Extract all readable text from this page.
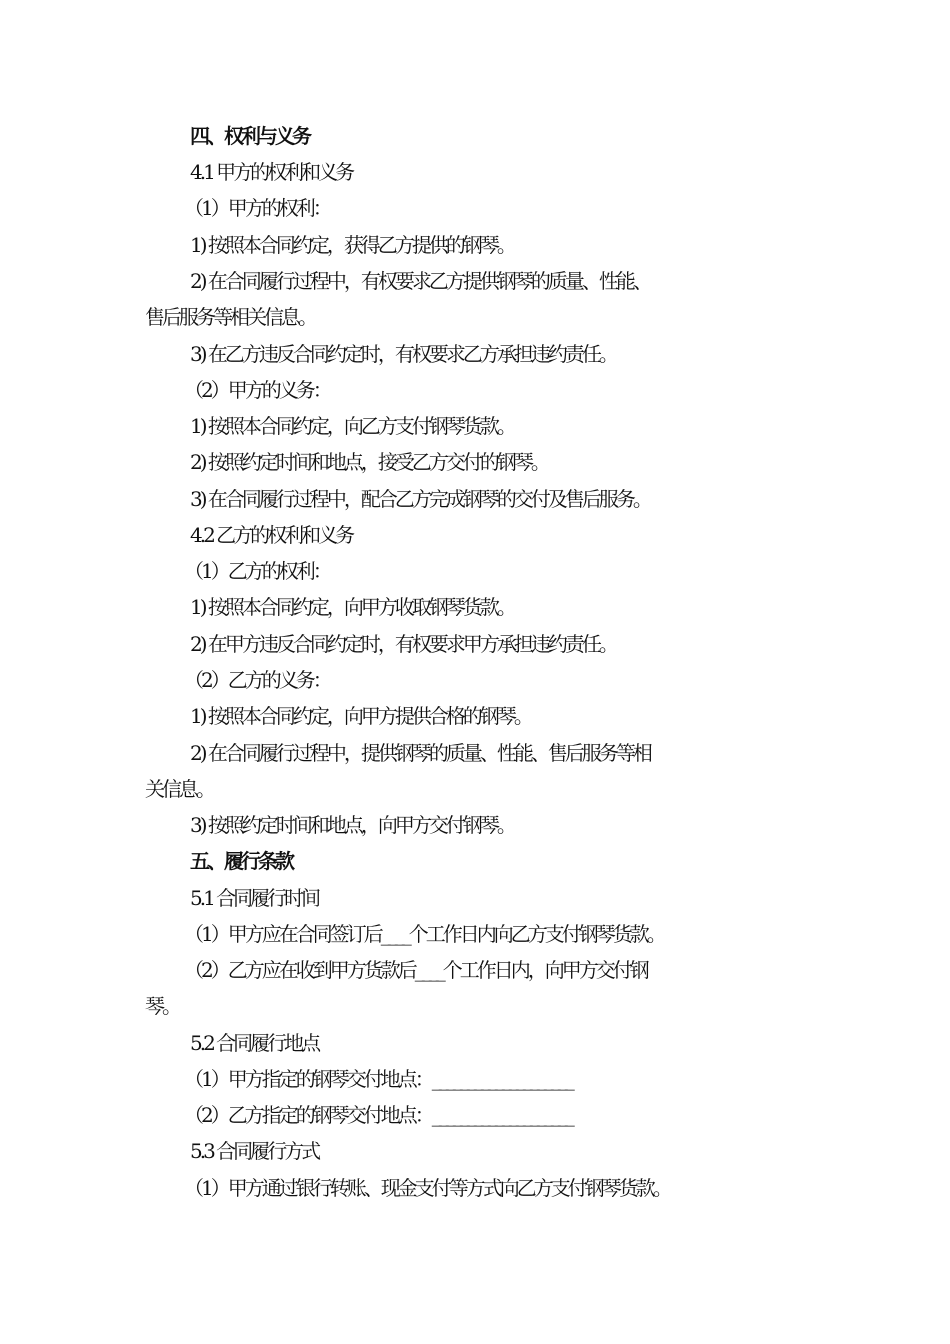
四、权利与义务
4.1 甲方的权利和义务
（1）甲方的权利：
1) 按照本合同约定，获得乙方提供的钢琴。
2) 在合同履行过程中，有权要求乙方提供钢琴的质量、性能、
售后服务等相关信息。
3) 在乙方违反合同约定时，有权要求乙方承担违约责任。
（2）甲方的义务：
1) 按照本合同约定，向乙方支付钢琴货款。
2) 按照约定时间和地点，接受乙方交付的钢琴。
3) 在合同履行过程中，配合乙方完成钢琴的交付及售后服务。
4.2 乙方的权利和义务
（1）乙方的权利：
1) 按照本合同约定，向甲方收取钢琴货款。
2) 在甲方违反合同约定时，有权要求甲方承担违约责任。
（2）乙方的义务：
1) 按照本合同约定，向甲方提供合格的钢琴。
2) 在合同履行过程中，提供钢琴的质量、性能、售后服务等相
关信息。
3) 按照约定时间和地点，向甲方交付钢琴。
五、履行条款
5.1 合同履行时间
（1）甲方应在合同签订后____个工作日内向乙方支付钢琴货款。
（2）乙方应在收到甲方货款后____个工作日内，向甲方交付钢
琴。
5.2 合同履行地点
（1）甲方指定的钢琴交付地点：____________________
（2）乙方指定的钢琴交付地点：____________________
5.3 合同履行方式
（1）甲方通过银行转账、现金支付等方式向乙方支付钢琴货款。
